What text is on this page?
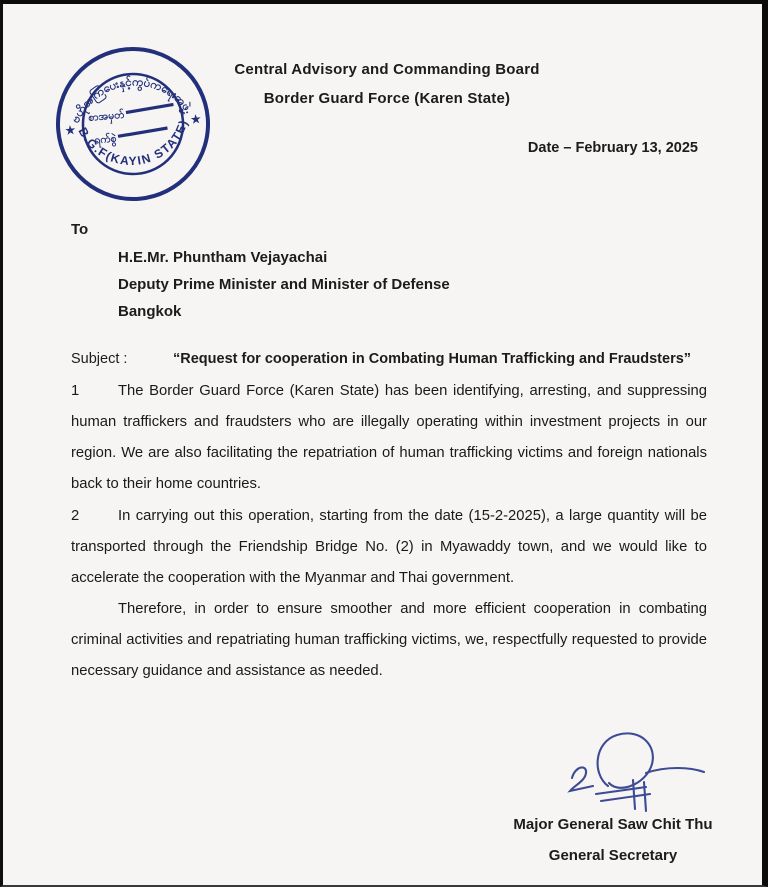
ဗဟိုအကြံပေးနှင့်ကွပ်ကဲရေးအဖွဲ့.
B.G.F(KAYIN STATE)
★
★
စာအမှတ်
ရက်စွဲ
Central Advisory and Commanding Board
Border Guard Force (Karen State)
Date – February 13, 2025
To
H.E.Mr. Phuntham Vejayachai
Deputy Prime Minister and Minister of Defense
Bangkok
Subject :	“Request for cooperation in Combating Human Trafficking and Fraudsters”

1	The Border Guard Force (Karen State) has been identifying, arresting, and suppressing human traffickers and fraudsters who are illegally operating within investment projects in our region. We are also facilitating the repatriation of human trafficking victims and foreign nationals back to their home countries.

2	In carrying out this operation, starting from the date (15-2-2025), a large quantity will be transported through the Friendship Bridge No. (2) in Myawaddy town, and we would like to accelerate the cooperation with the Myanmar and Thai government.

Therefore, in order to ensure smoother and more efficient cooperation in combating criminal activities and repatriating human trafficking victims, we, respectfully requested to provide necessary guidance and assistance as needed.

Major General Saw Chit Thu
General Secretary
